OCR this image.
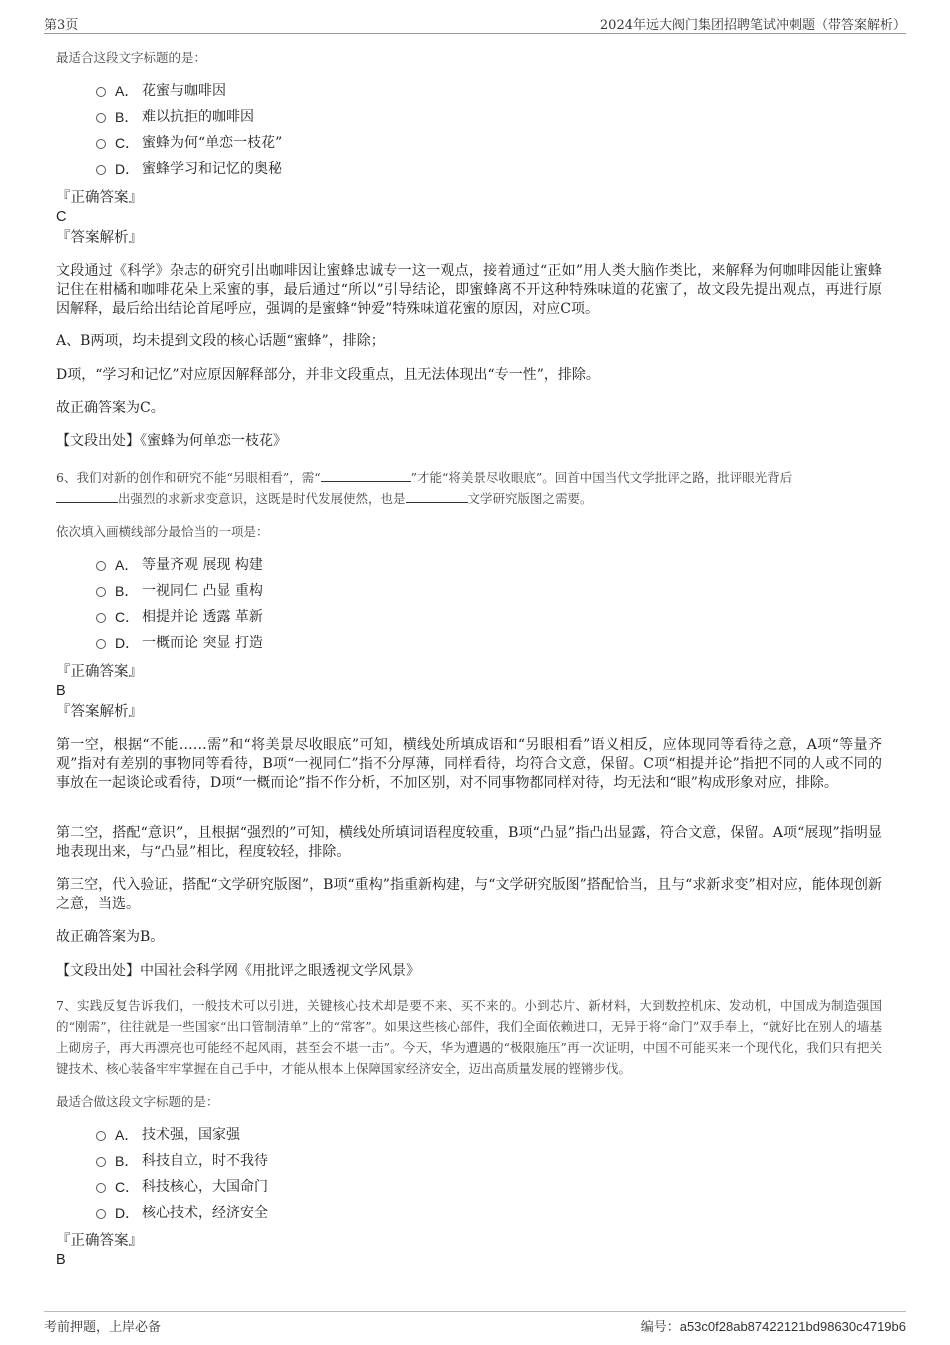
第3页	2024年远大阀门集团招聘笔试冲刺题（带答案解析）
最适合这段文字标题的是：
A． 花蜜与咖啡因
B． 难以抗拒的咖啡因
C． 蜜蜂为何“单恋一枝花”
D． 蜜蜂学习和记忆的奥秘
『正确答案』
C
『答案解析』
文段通过《科学》杂志的研究引出咖啡因让蜜蜂忠诚专一这一观点，接着通过“正如”用人类大脑作类比，来解释为何咖啡因能让蜜蜂记住在柑橘和咖啡花朵上采蜜的事，最后通过“所以”引导结论，即蜜蜂离不开这种特殊味道的花蜜了，故文段先提出观点，再进行原因解释，最后给出结论首尾呼应，强调的是蜜蜂“钟爱”特殊味道花蜜的原因，对应C项。
A、B两项，均未提到文段的核心话题“蜜蜂”，排除；
D项，“学习和记忆”对应原因解释部分，并非文段重点，且无法体现出“专一性”，排除。
故正确答案为C。
【文段出处】《蜜蜂为何单恋一枝花》
6、我们对新的创作和研究不能“另眼相看”，需“	”才能“将美景尽收眼底”。回首中国当代文学批评之路，批评眼光背后
出强烈的求新求变意识，这既是时代发展使然，也是	文学研究版图之需要。
依次填入画横线部分最恰当的一项是：
A． 等量齐观 展现 构建
B． 一视同仁 凸显 重构
C． 相提并论 透露 革新
D． 一概而论 突显 打造
『正确答案』
B
『答案解析』
第一空，根据“不能……需”和“将美景尽收眼底”可知，横线处所填成语和“另眼相看”语义相反，应体现同等看待之意，A项“等量齐观”指对有差别的事物同等看待，B项“一视同仁”指不分厚薄，同样看待，均符合文意，保留。C项“相提并论”指把不同的人或不同的事放在一起谈论或看待，D项“一概而论”指不作分析，不加区别，对不同事物都同样对待，均无法和“眼”构成形象对应，排除。
第二空，搭配“意识”，且根据“强烈的”可知，横线处所填词语程度较重，B项“凸显”指凸出显露，符合文意，保留。A项“展现”指明显地表现出来，与“凸显”相比，程度较轻，排除。
第三空，代入验证，搭配“文学研究版图”，B项“重构”指重新构建，与“文学研究版图”搭配恰当，且与“求新求变”相对应，能体现创新之意，当选。
故正确答案为B。
【文段出处】中国社会科学网《用批评之眼透视文学风景》
7、实践反复告诉我们，一般技术可以引进，关键核心技术却是要不来、买不来的。小到芯片、新材料，大到数控机床、发动机，中国成为制造强国的“刚需”，往往就是一些国家“出口管制清单”上的“常客”。如果这些核心部件，我们全面依赖进口，无异于将“命门”双手奉上，“就好比在别人的墙基上砌房子，再大再漂亮也可能经不起风雨，甚至会不堪一击”。今天，华为遭遇的“极限施压”再一次证明，中国不可能买来一个现代化，我们只有把关键技术、核心装备牢牢掌握在自己手中，才能从根本上保障国家经济安全，迈出高质量发展的铿锵步伐。
最适合做这段文字标题的是：
A． 技术强，国家强
B． 科技自立，时不我待
C． 科技核心，大国命门
D． 核心技术，经济安全
『正确答案』
B
考前押题，上岸必备	编号：a53c0f28ab87422121bd98630c4719b6
